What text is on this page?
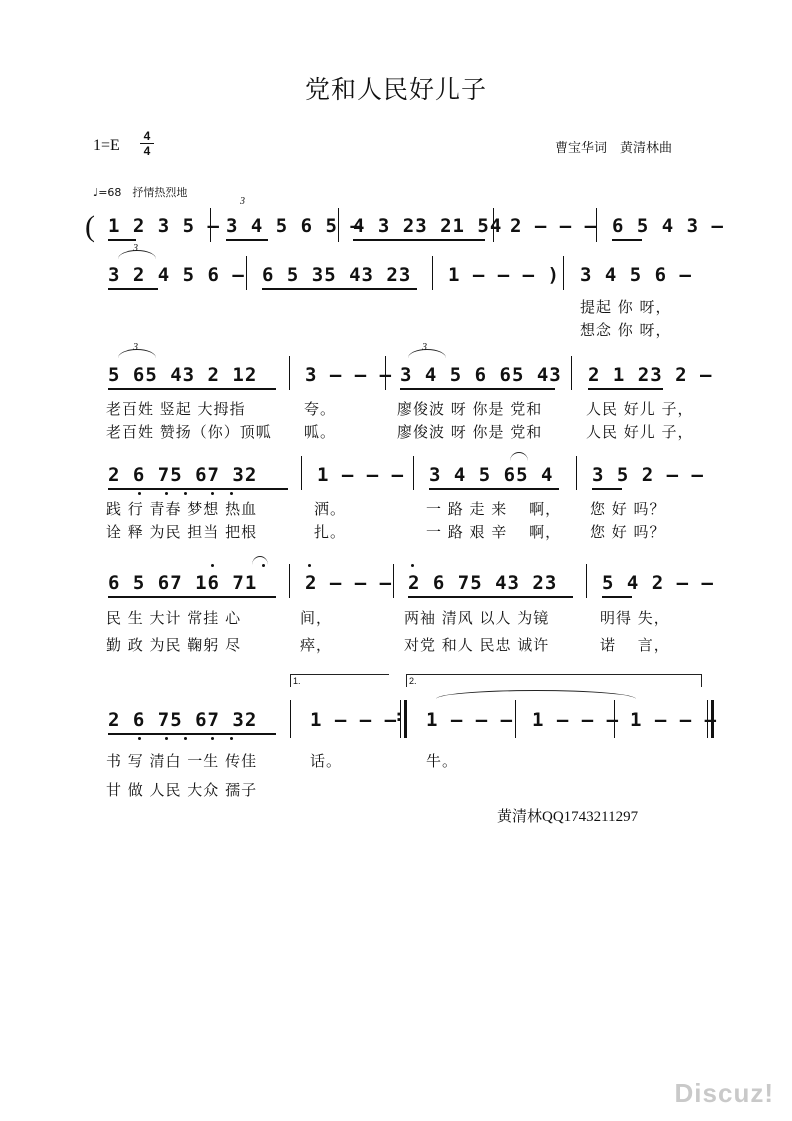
党和人民好儿子
1=E
4
4	曹宝华词　黄清林曲
♩=68　抒情热烈地
( 1 2 3 5 –
3
3 4 5 6 5 –
4 3 23 21 54 2 – – – 6 5 4 3 –
3
3 2 4 5 6 – 6 5 35 43 23 1 – – – ) 3 4 5 6 –
提起 你 呀，
想念 你 呀，
3
5 65 43 2 12	3 – – –
3
3 4 5 6 65 43 2 1 23 2 –
老百姓 竖起 大拇指	夸。	廖俊波 呀 你是 党和	人民 好儿 子，
老百姓 赞扬（你）顶呱 呱。	廖俊波 呀 你是 党和	人民 好儿 子，
2 6 75 67 32	1 – – – 3 4 5 65 4 3 5 2 – –
践 行 青春 梦想 热血	洒。	一 路 走 来 　啊， 您 好 吗？
诠 释 为民 担当 把根	扎。	一 路 艰 辛 　啊， 您 好 吗？
6 5 67 16 71	2 – – – 2 6 75 43 23 5 4 2 – –
民 生 大计 常挂 心	间，	两袖 清风 以人 为镜	明得 失，
勤 政 为民 鞠躬 尽	瘁，	对党 和人 民忠 诚许	诺　 言，
1.	2.
2 6 75 67 32	1 – – –
: 1 – – – 1 – – – 1 – – –
书 写 清白 一生 传佳	话。	牛。
甘 做 人民 大众 孺子
黄清林QQ1743211297
Discuz!
